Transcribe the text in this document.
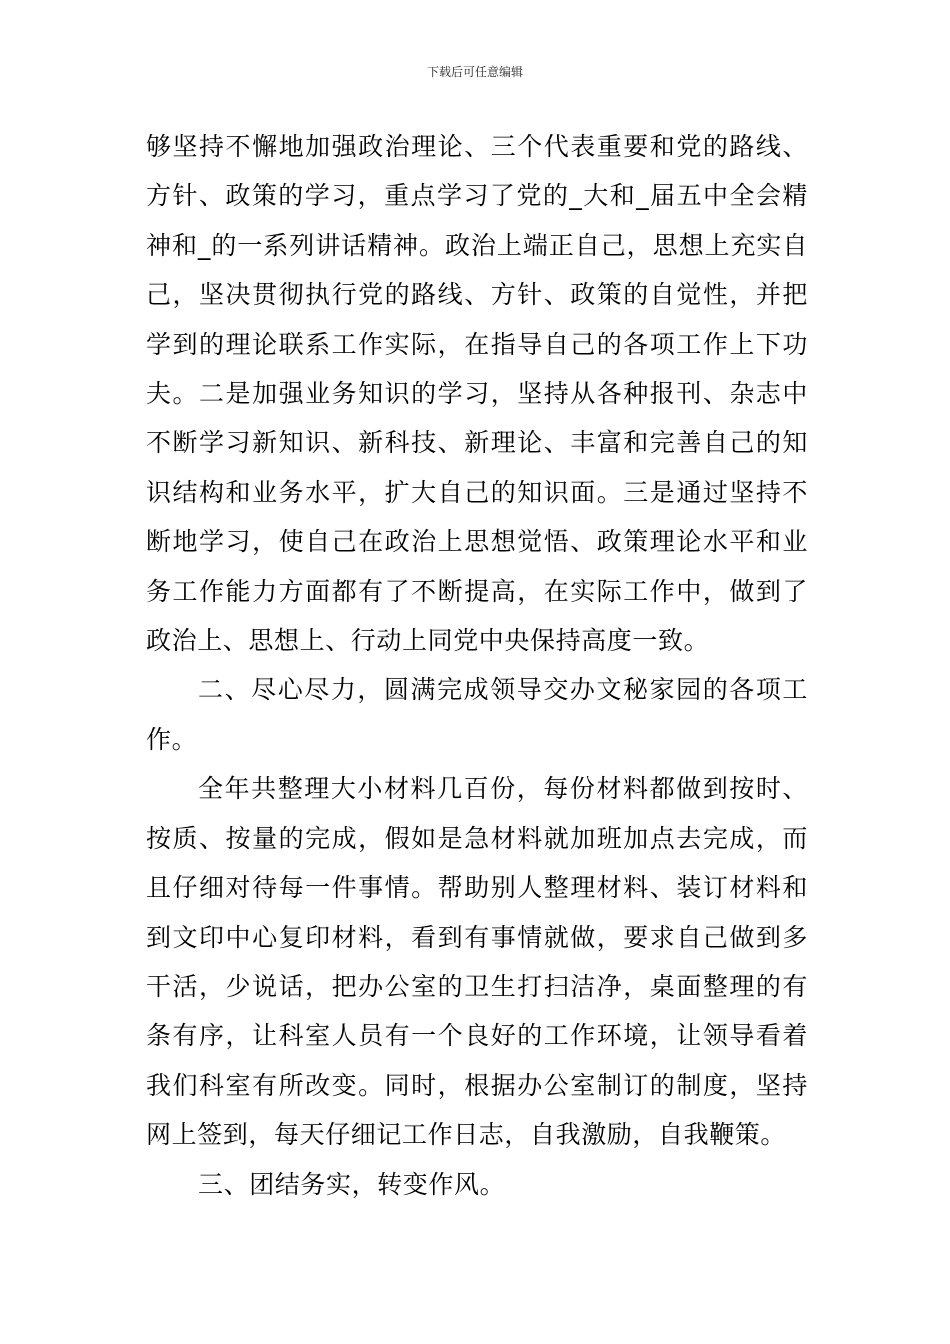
下载后可任意编辑

够坚持不懈地加强政治理论、三个代表重要和党的路线、方针、政策的学习，重点学习了党的_大和_届五中全会精神和_的一系列讲话精神。政治上端正自己，思想上充实自己，坚决贯彻执行党的路线、方针、政策的自觉性，并把学到的理论联系工作实际，在指导自己的各项工作上下功夫。二是加强业务知识的学习，坚持从各种报刊、杂志中不断学习新知识、新科技、新理论、丰富和完善自己的知识结构和业务水平，扩大自己的知识面。三是通过坚持不断地学习，使自己在政治上思想觉悟、政策理论水平和业务工作能力方面都有了不断提高，在实际工作中，做到了政治上、思想上、行动上同党中央保持高度一致。

二、尽心尽力，圆满完成领导交办文秘家园的各项工作。

全年共整理大小材料几百份，每份材料都做到按时、按质、按量的完成，假如是急材料就加班加点去完成，而且仔细对待每一件事情。帮助别人整理材料、装订材料和到文印中心复印材料，看到有事情就做，要求自己做到多干活，少说话，把办公室的卫生打扫洁净，桌面整理的有条有序，让科室人员有一个良好的工作环境，让领导看着我们科室有所改变。同时，根据办公室制订的制度，坚持网上签到，每天仔细记工作日志，自我激励，自我鞭策。

三、团结务实，转变作风。
